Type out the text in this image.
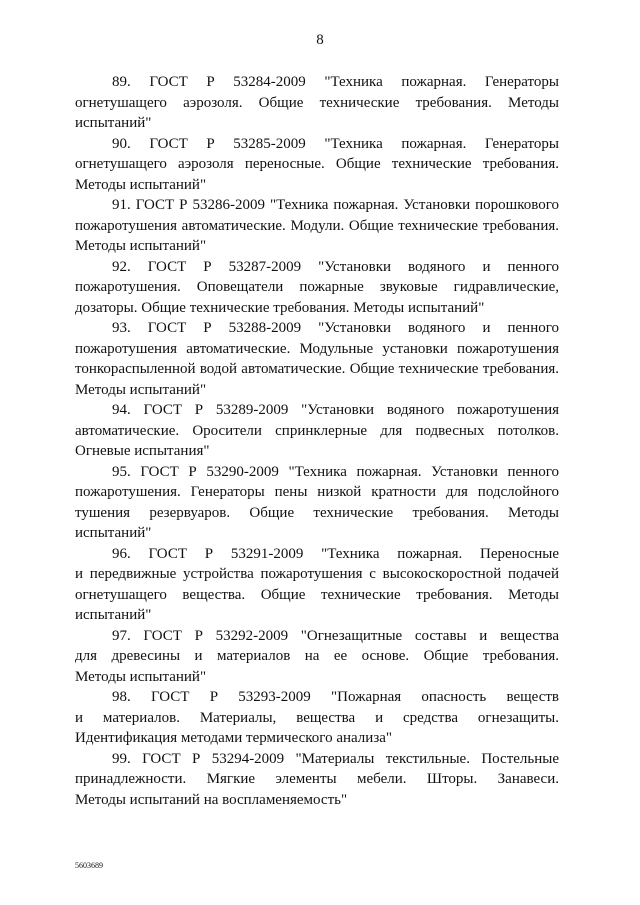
8
89. ГОСТ Р 53284-2009 "Техника пожарная. Генераторы
огнетушащего аэрозоля. Общие технические требования. Методы
испытаний"
90. ГОСТ Р 53285-2009 "Техника пожарная. Генераторы
огнетушащего аэрозоля переносные. Общие технические требования.
Методы испытаний"
91. ГОСТ Р 53286-2009 "Техника пожарная. Установки порошкового
пожаротушения автоматические. Модули. Общие технические требования.
Методы испытаний"
92. ГОСТ Р 53287-2009 "Установки водяного и пенного
пожаротушения. Оповещатели пожарные звуковые гидравлические,
дозаторы. Общие технические требования. Методы испытаний"
93. ГОСТ Р 53288-2009 "Установки водяного и пенного
пожаротушения автоматические. Модульные установки пожаротушения
тонкораспыленной водой автоматические. Общие технические требования.
Методы испытаний"
94. ГОСТ Р 53289-2009 "Установки водяного пожаротушения
автоматические. Оросители спринклерные для подвесных потолков.
Огневые испытания"
95. ГОСТ Р 53290-2009 "Техника пожарная. Установки пенного
пожаротушения. Генераторы пены низкой кратности для подслойного
тушения резервуаров. Общие технические требования. Методы
испытаний"
96. ГОСТ Р 53291-2009 "Техника пожарная. Переносные
и передвижные устройства пожаротушения с высокоскоростной подачей
огнетушащего вещества. Общие технические требования. Методы
испытаний"
97. ГОСТ Р 53292-2009 "Огнезащитные составы и вещества
для древесины и материалов на ее основе. Общие требования.
Методы испытаний"
98. ГОСТ Р 53293-2009 "Пожарная опасность веществ
и материалов. Материалы, вещества и средства огнезащиты.
Идентификация методами термического анализа"
99. ГОСТ Р 53294-2009 "Материалы текстильные. Постельные
принадлежности. Мягкие элементы мебели. Шторы. Занавеси.
Методы испытаний на воспламеняемость"
5603689
